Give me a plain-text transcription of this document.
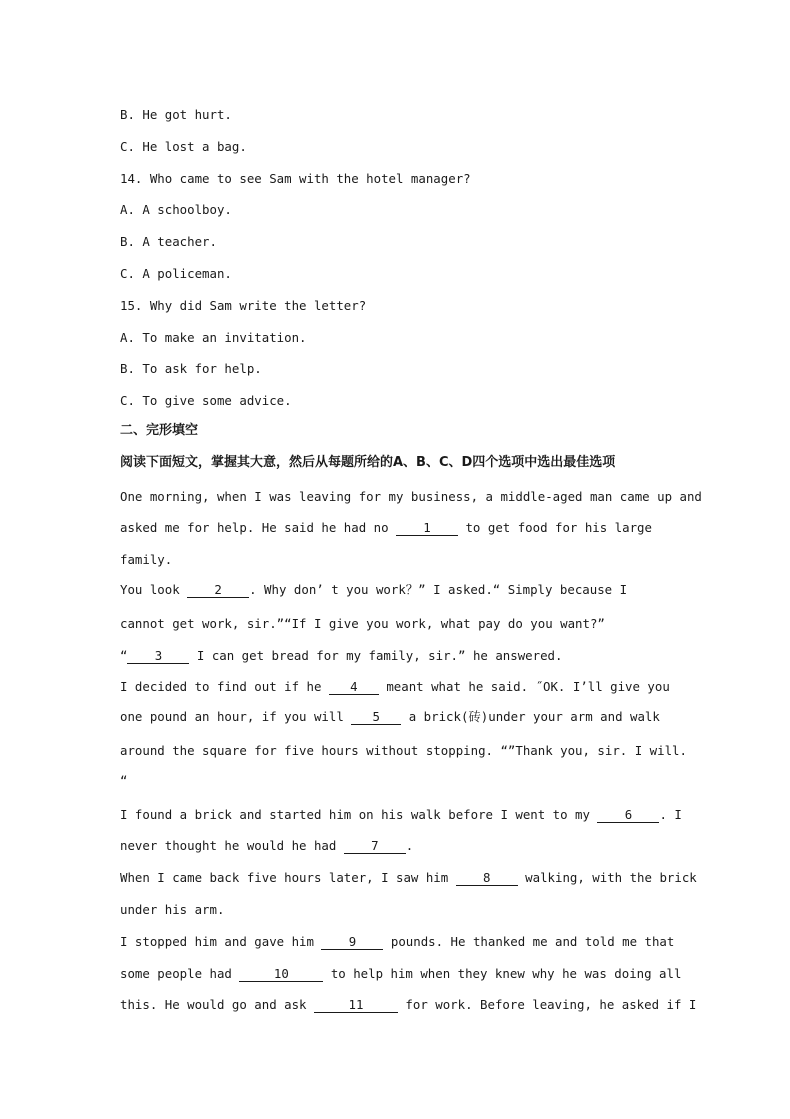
B. He got hurt.
C. He lost a bag.
14. Who came to see Sam with the hotel manager?
A. A schoolboy.
B. A teacher.
C. A policeman.
15. Why did Sam write the letter?
A. To make an invitation.
B. To ask for help.
C. To give some advice.
二、完形填空
阅读下面短文，掌握其大意，然后从每题所给的A、B、C、D四个选项中选出最佳选项
One morning, when I was leaving for my business, a middle-aged man came up and
asked me for help. He said he had no 1 to get food for his large
family.
You look 2 . Why don’ t you work？” I asked.“ Simply because I
cannot get work, sir.”“If I give you work, what pay do you want?”
“ 3 I can get bread for my family, sir.” he answered.
I decided to find out if he 4 meant what he said. ˝OK. I’ll give you
one pound an hour, if you will 5 a brick(砖)under your arm and walk
around the square for five hours without stopping. “”Thank you, sir. I will.
“
I found a brick and started him on his walk before I went to my 6 . I
never thought he would he had 7 .
When I came back five hours later, I saw him 8 walking, with the brick
under his arm.
I stopped him and gave him 9 pounds. He thanked me and told me that
some people had	10	to help him when they knew why he was doing all
this. He would go and ask	11	for work. Before leaving, he asked if I
